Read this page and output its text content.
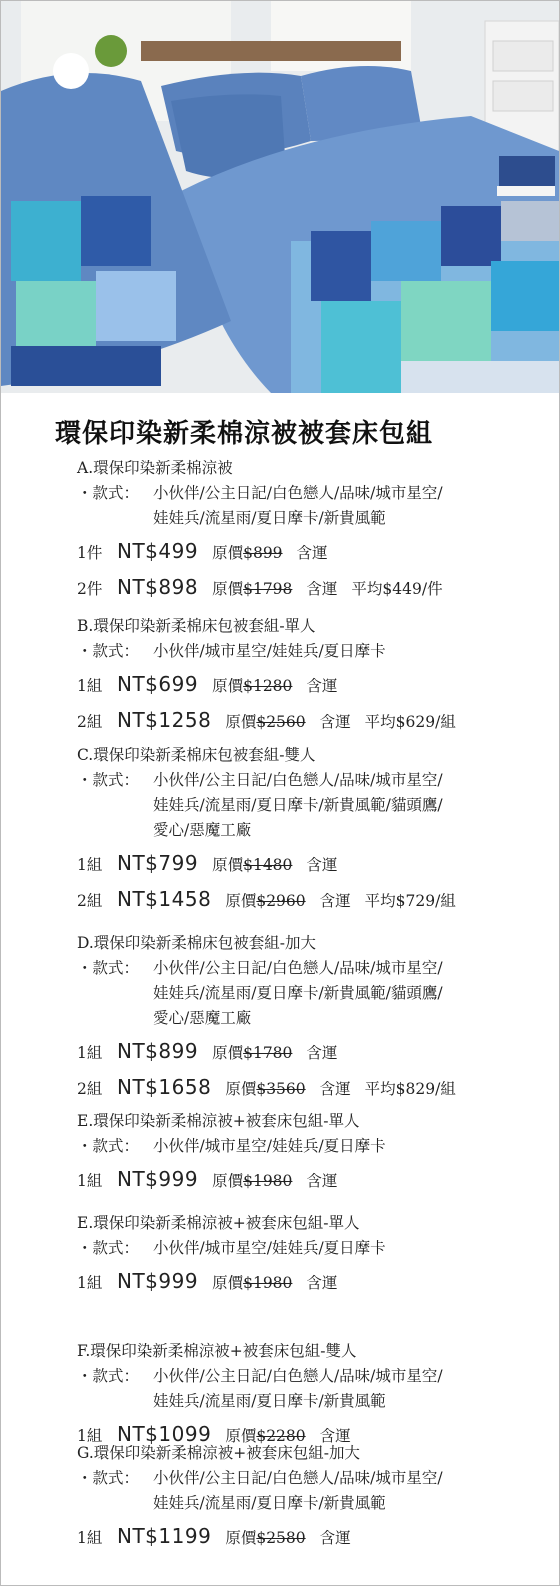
環保印染新柔棉涼被被套床包組
A.環保印染新柔棉涼被
・款式： 小伙伴/公主日記/白色戀人/品味/城市星空/
娃娃兵/流星雨/夏日摩卡/新貴風範
1件 NT$499 原價$899 含運
2件 NT$898 原價$1798 含運 平均$449/件
B.環保印染新柔棉床包被套組-單人
・款式： 小伙伴/城市星空/娃娃兵/夏日摩卡
1組 NT$699 原價$1280 含運
2組 NT$1258 原價$2560 含運 平均$629/組
C.環保印染新柔棉床包被套組-雙人
・款式： 小伙伴/公主日記/白色戀人/品味/城市星空/
娃娃兵/流星雨/夏日摩卡/新貴風範/貓頭鷹/
愛心/惡魔工廠
1組 NT$799 原價$1480 含運
2組 NT$1458 原價$2960 含運 平均$729/組
D.環保印染新柔棉床包被套組-加大
・款式： 小伙伴/公主日記/白色戀人/品味/城市星空/
娃娃兵/流星雨/夏日摩卡/新貴風範/貓頭鷹/
愛心/惡魔工廠
1組 NT$899 原價$1780 含運
2組 NT$1658 原價$3560 含運 平均$829/組
E.環保印染新柔棉涼被+被套床包組-單人
・款式： 小伙伴/城市星空/娃娃兵/夏日摩卡
1組 NT$999 原價$1980 含運
E.環保印染新柔棉涼被+被套床包組-單人
・款式： 小伙伴/城市星空/娃娃兵/夏日摩卡
1組 NT$999 原價$1980 含運
F.環保印染新柔棉涼被+被套床包組-雙人
・款式： 小伙伴/公主日記/白色戀人/品味/城市星空/
娃娃兵/流星雨/夏日摩卡/新貴風範
1組 NT$1099 原價$2280 含運
G.環保印染新柔棉涼被+被套床包組-加大
・款式： 小伙伴/公主日記/白色戀人/品味/城市星空/
娃娃兵/流星雨/夏日摩卡/新貴風範
1組 NT$1199 原價$2580 含運
